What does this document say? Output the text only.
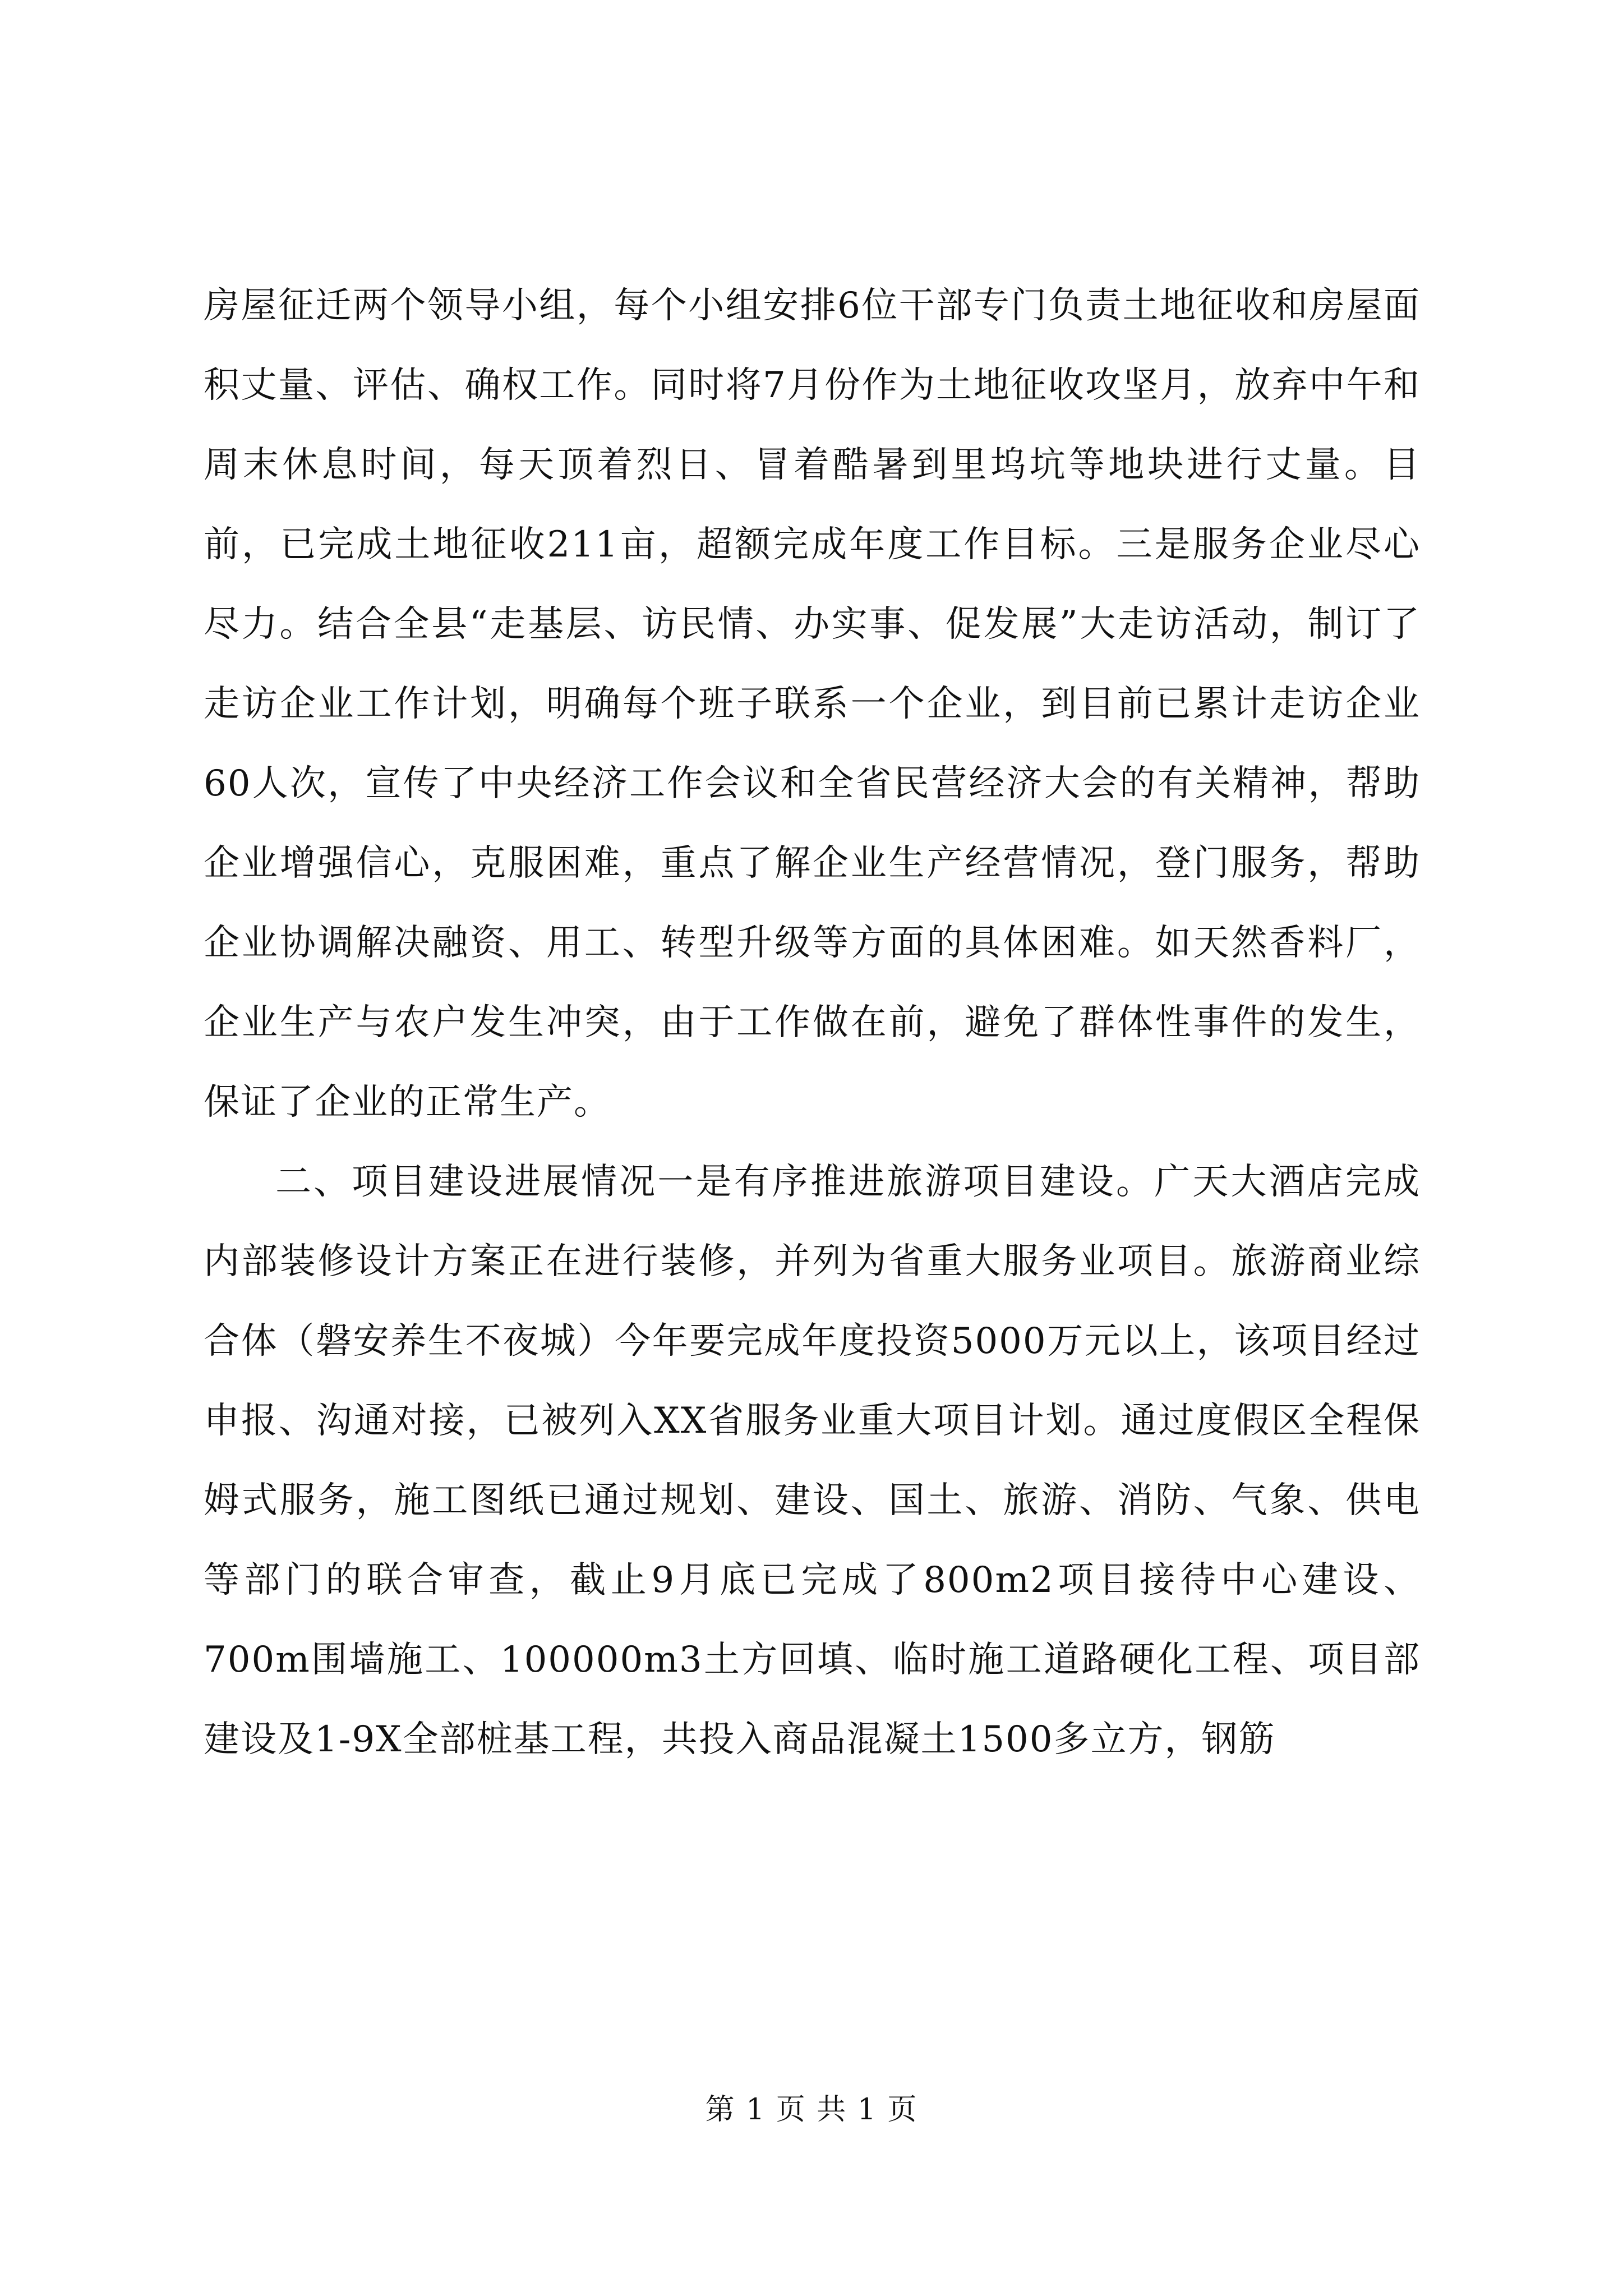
房屋征迁两个领导小组，每个小组安排6位干部专门负责土地征收和房屋面积丈量、评估、确权工作。同时将7月份作为土地征收攻坚月，放弃中午和周末休息时间，每天顶着烈日、冒着酷暑到里坞坑等地块进行丈量。目前，已完成土地征收211亩，超额完成年度工作目标。三是服务企业尽心尽力。结合全县“走基层、访民情、办实事、促发展”大走访活动，制订了走访企业工作计划，明确每个班子联系一个企业，到目前已累计走访企业60人次，宣传了中央经济工作会议和全省民营经济大会的有关精神，帮助企业增强信心，克服困难，重点了解企业生产经营情况，登门服务，帮助企业协调解决融资、用工、转型升级等方面的具体困难。如天然香料厂，企业生产与农户发生冲突，由于工作做在前，避免了群体性事件的发生，保证了企业的正常生产。

二、项目建设进展情况一是有序推进旅游项目建设。广天大酒店完成内部装修设计方案正在进行装修，并列为省重大服务业项目。旅游商业综合体（磐安养生不夜城）今年要完成年度投资5000万元以上，该项目经过申报、沟通对接，已被列入XX省服务业重大项目计划。通过度假区全程保姆式服务，施工图纸已通过规划、建设、国土、旅游、消防、气象、供电等部门的联合审查，截止9月底已完成了800m2项目接待中心建设、700m围墙施工、100000m3土方回填、临时施工道路硬化工程、项目部建设及1-9X全部桩基工程，共投入商品混凝土1500多立方，钢筋

第 1 页 共 1 页
